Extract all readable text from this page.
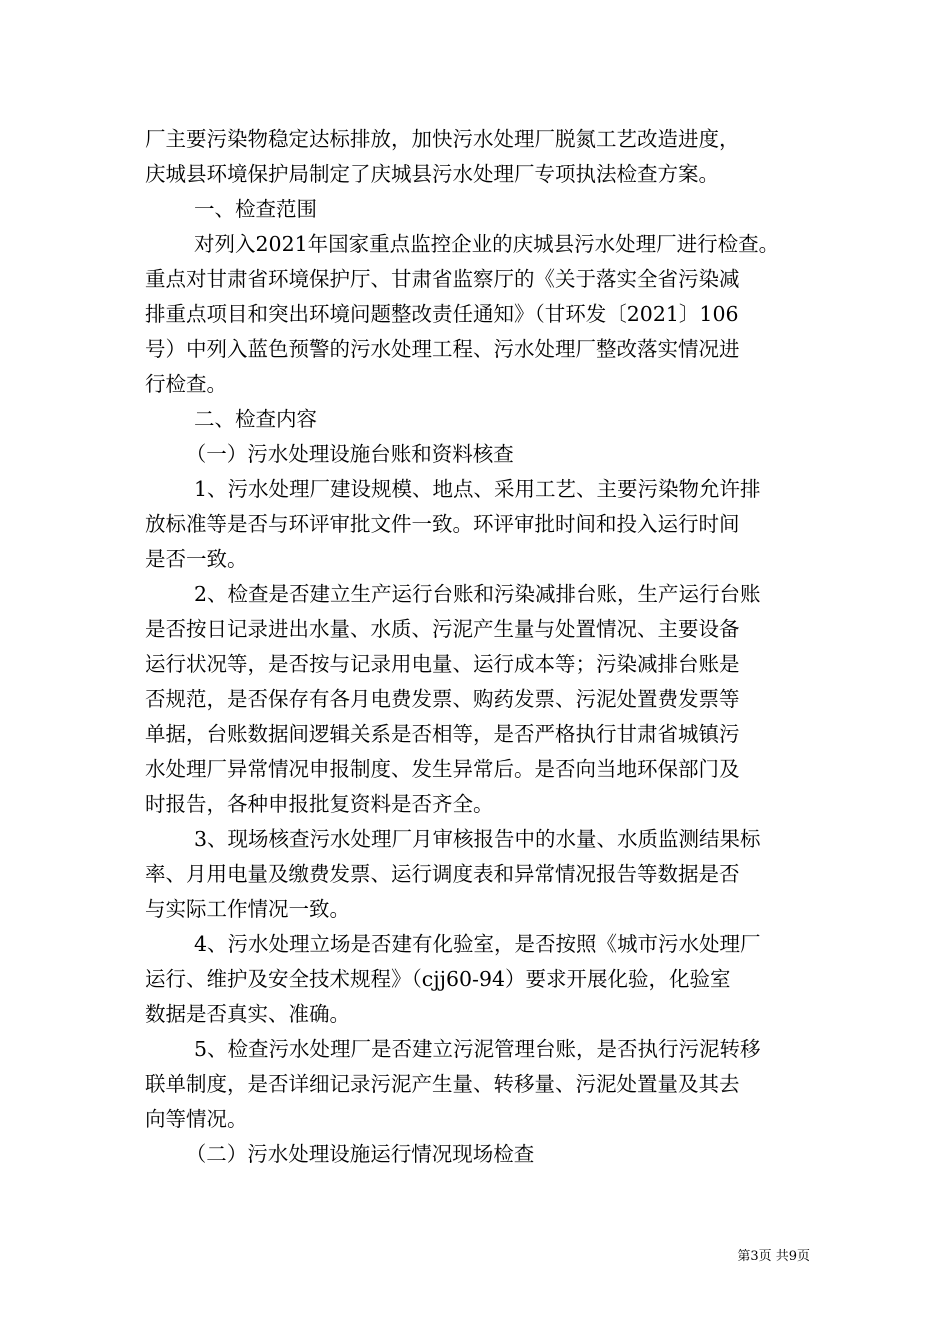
厂主要污染物稳定达标排放，加快污水处理厂脱氮工艺改造进度，
庆城县环境保护局制定了庆城县污水处理厂专项执法检查方案。
一、检查范围
对列入2021年国家重点监控企业的庆城县污水处理厂进行检查。
重点对甘肃省环境保护厅、甘肃省监察厅的《关于落实全省污染减
排重点项目和突出环境问题整改责任通知》（甘环发〔2021〕106
号）中列入蓝色预警的污水处理工程、污水处理厂整改落实情况进
行检查。
二、检查内容
（一）污水处理设施台账和资料核查
1、污水处理厂建设规模、地点、采用工艺、主要污染物允许排
放标准等是否与环评审批文件一致。环评审批时间和投入运行时间
是否一致。
2、检查是否建立生产运行台账和污染减排台账，生产运行台账
是否按日记录进出水量、水质、污泥产生量与处置情况、主要设备
运行状况等，是否按与记录用电量、运行成本等；污染减排台账是
否规范，是否保存有各月电费发票、购药发票、污泥处置费发票等
单据，台账数据间逻辑关系是否相等，是否严格执行甘肃省城镇污
水处理厂异常情况申报制度、发生异常后。是否向当地环保部门及
时报告，各种申报批复资料是否齐全。
3、现场核查污水处理厂月审核报告中的水量、水质监测结果标
率、月用电量及缴费发票、运行调度表和异常情况报告等数据是否
与实际工作情况一致。
4、污水处理立场是否建有化验室，是否按照《城市污水处理厂
运行、维护及安全技术规程》（cjj60-94）要求开展化验，化验室
数据是否真实、准确。
5、检查污水处理厂是否建立污泥管理台账，是否执行污泥转移
联单制度，是否详细记录污泥产生量、转移量、污泥处置量及其去
向等情况。
（二）污水处理设施运行情况现场检查
第3页 共9页
